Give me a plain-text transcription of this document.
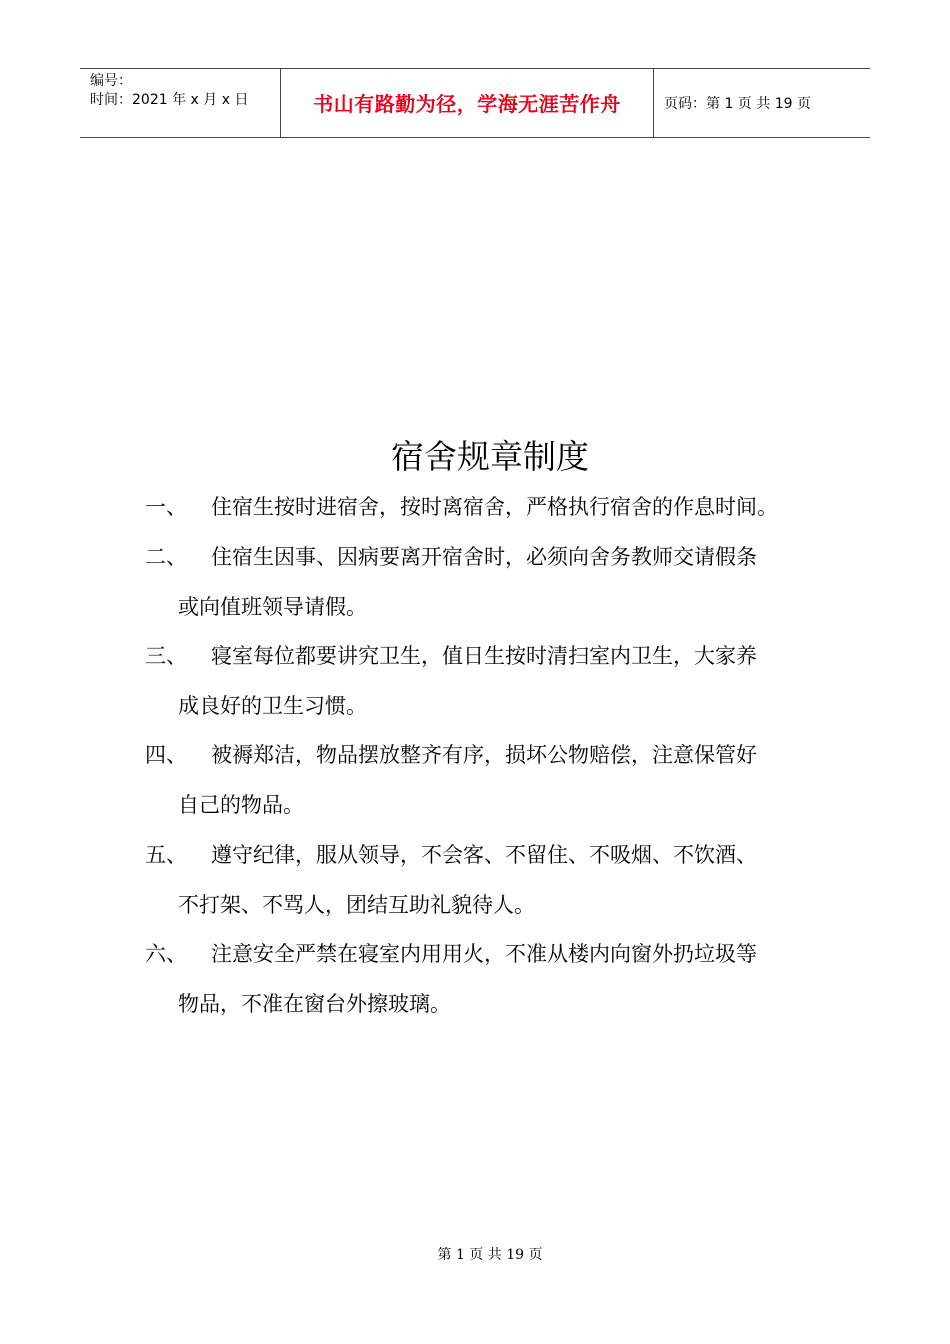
编号：
时间：2021 年 x 月 x 日	书山有路勤为径，学海无涯苦作舟	页码：第 1 页 共 19 页
宿舍规章制度
一、	住宿生按时进宿舍，按时离宿舍，严格执行宿舍的作息时间。
二、	住宿生因事、因病要离开宿舍时，必须向舍务教师交请假条
或向值班领导请假。
三、	寝室每位都要讲究卫生，值日生按时清扫室内卫生，大家养
成良好的卫生习惯。
四、	被褥郑洁，物品摆放整齐有序，损坏公物赔偿，注意保管好
自己的物品。
五、	遵守纪律，服从领导，不会客、不留住、不吸烟、不饮酒、
不打架、不骂人，团结互助礼貌待人。
六、	注意安全严禁在寝室内用用火，不准从楼内向窗外扔垃圾等
物品，不准在窗台外擦玻璃。
第 1 页 共 19 页
